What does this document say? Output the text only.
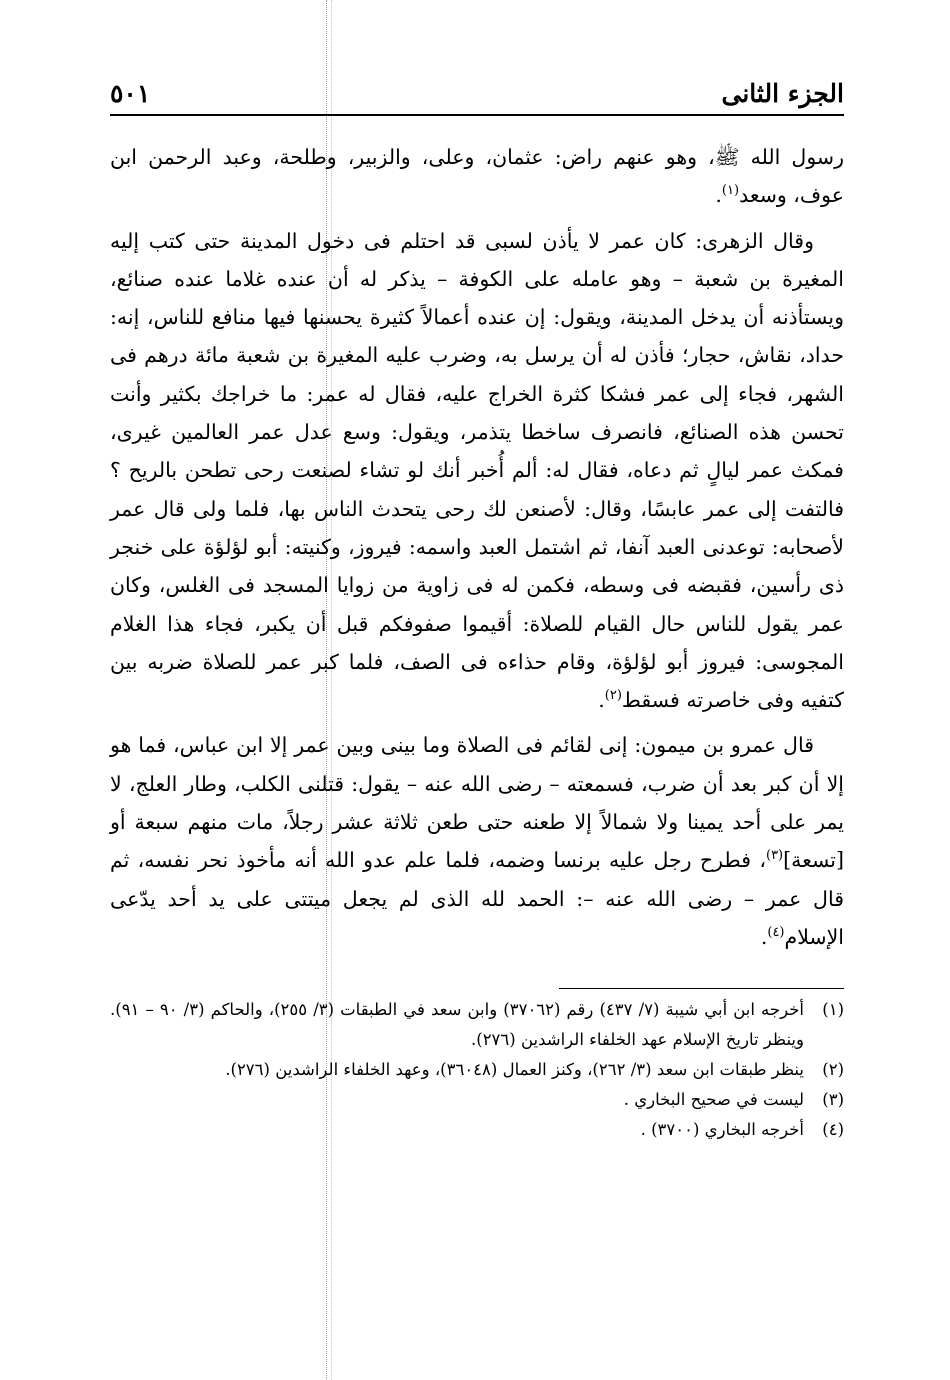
الجزء الثانى
٥٠١

رسول الله ﷺ، وهو عنهم راض: عثمان، وعلى، والزبير، وطلحة، وعبد الرحمن ابن عوف، وسعد$^{(١)}$.

وقال الزهرى: كان عمر لا يأذن لسبى قد احتلم فى دخول المدينة حتى كتب إليه المغيرة بن شعبة – وهو عامله على الكوفة – يذكر له أن عنده غلاما عنده صنائع، ويستأذنه أن يدخل المدينة، ويقول: إن عنده أعمالاً كثيرة يحسنها فيها منافع للناس، إنه: حداد، نقاش، حجار؛ فأذن له أن يرسل به، وضرب عليه المغيرة بن شعبة مائة درهم فى الشهر، فجاء إلى عمر فشكا كثرة الخراج عليه، فقال له عمر: ما خراجك بكثير وأنت تحسن هذه الصنائع، فانصرف ساخطا يتذمر، ويقول: وسع عدل عمر العالمين غيرى، فمكث عمر ليالٍ ثم دعاه، فقال له: ألم أُخبر أنك لو تشاء لصنعت رحى تطحن بالريح ؟ فالتفت إلى عمر عابسًا، وقال: لأصنعن لك رحى يتحدث الناس بها، فلما ولى قال عمر لأصحابه: توعدنى العبد آنفا، ثم اشتمل العبد واسمه: فيروز، وكنيته: أبو لؤلؤة على خنجر ذى رأسين، فقبضه فى وسطه، فكمن له فى زاوية من زوايا المسجد فى الغلس، وكان عمر يقول للناس حال القيام للصلاة: أقيموا صفوفكم قبل أن يكبر، فجاء هذا الغلام المجوسى: فيروز أبو لؤلؤة، وقام حذاءه فى الصف، فلما كبر عمر للصلاة ضربه بين كتفيه وفى خاصرته فسقط$^{(٢)}$.

قال عمرو بن ميمون: إنى لقائم فى الصلاة وما بينى وبين عمر إلا ابن عباس، فما هو إلا أن كبر بعد أن ضرب، فسمعته – رضى الله عنه – يقول: قتلنى الكلب، وطار العلج، لا يمر على أحد يمينا ولا شمالاً إلا طعنه حتى طعن ثلاثة عشر رجلاً، مات منهم سبعة أو [تسعة]$^{(٣)}$، فطرح رجل عليه برنسا وضمه، فلما علم عدو الله أنه مأخوذ نحر نفسه، ثم قال عمر – رضى الله عنه –: الحمد لله الذى لم يجعل ميتتى على يد أحد يدّعى الإسلام$^{(٤)}$.

(١)
أخرجه ابن أبي شيبة (٧/ ٤٣٧) رقم (٣٧٠٦٢) وابن سعد في الطبقات (٣/ ٢٥٥)، والحاكم (٣/ ٩٠ – ٩١). وينظر تاريخ الإسلام عهد الخلفاء الراشدين (٢٧٦).
(٢)
ينظر طبقات ابن سعد (٣/ ٢٦٢)، وكنز العمال (٣٦٠٤٨)، وعهد الخلفاء الراشدين (٢٧٦).
(٣)
ليست في صحيح البخاري .
(٤)
أخرجه البخاري (٣٧٠٠) .
